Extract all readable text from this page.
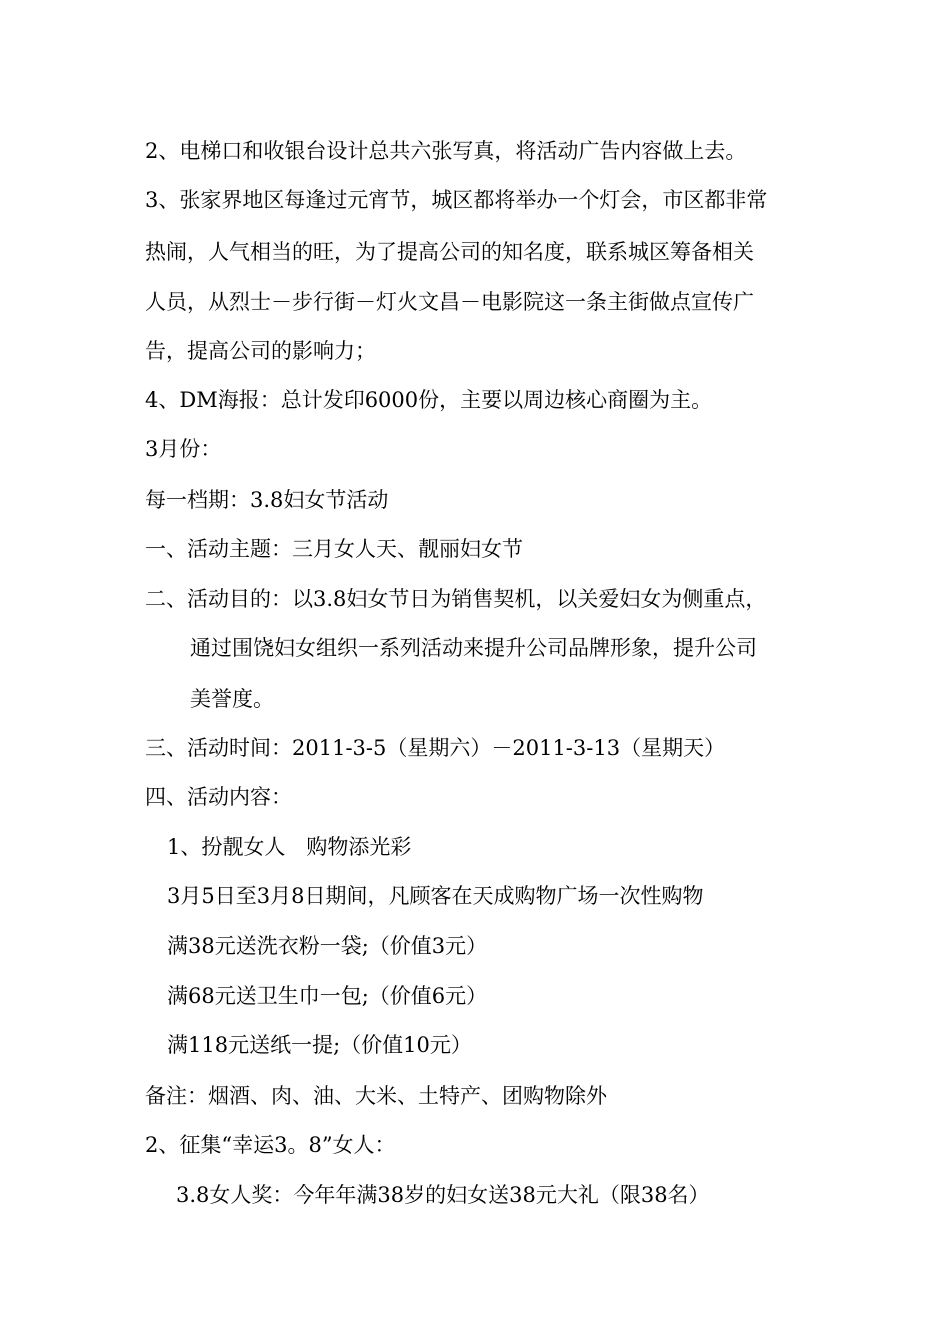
2、电梯口和收银台设计总共六张写真，将活动广告内容做上去。
3、张家界地区每逢过元宵节，城区都将举办一个灯会，市区都非常
热闹，人气相当的旺，为了提高公司的知名度，联系城区筹备相关
人员，从烈士－步行街－灯火文昌－电影院这一条主街做点宣传广
告，提高公司的影响力；
4、DM海报：总计发印6000份，主要以周边核心商圈为主。
3月份：
每一档期：3.8妇女节活动
一、活动主题：三月女人天、靓丽妇女节
二、活动目的：以3.8妇女节日为销售契机，以关爱妇女为侧重点，
通过围饶妇女组织一系列活动来提升公司品牌形象，提升公司
美誉度。
三、活动时间：2011-3-5（星期六）－2011-3-13（星期天）
四、活动内容：
1、扮靓女人　购物添光彩
3月5日至3月8日期间，凡顾客在天成购物广场一次性购物
满38元送洗衣粉一袋;（价值3元）
满68元送卫生巾一包;（价值6元）
满118元送纸一提;（价值10元）
备注：烟酒、肉、油、大米、土特产、团购物除外
2、征集“幸运3。8”女人：
3.8女人奖：今年年满38岁的妇女送38元大礼（限38名）
